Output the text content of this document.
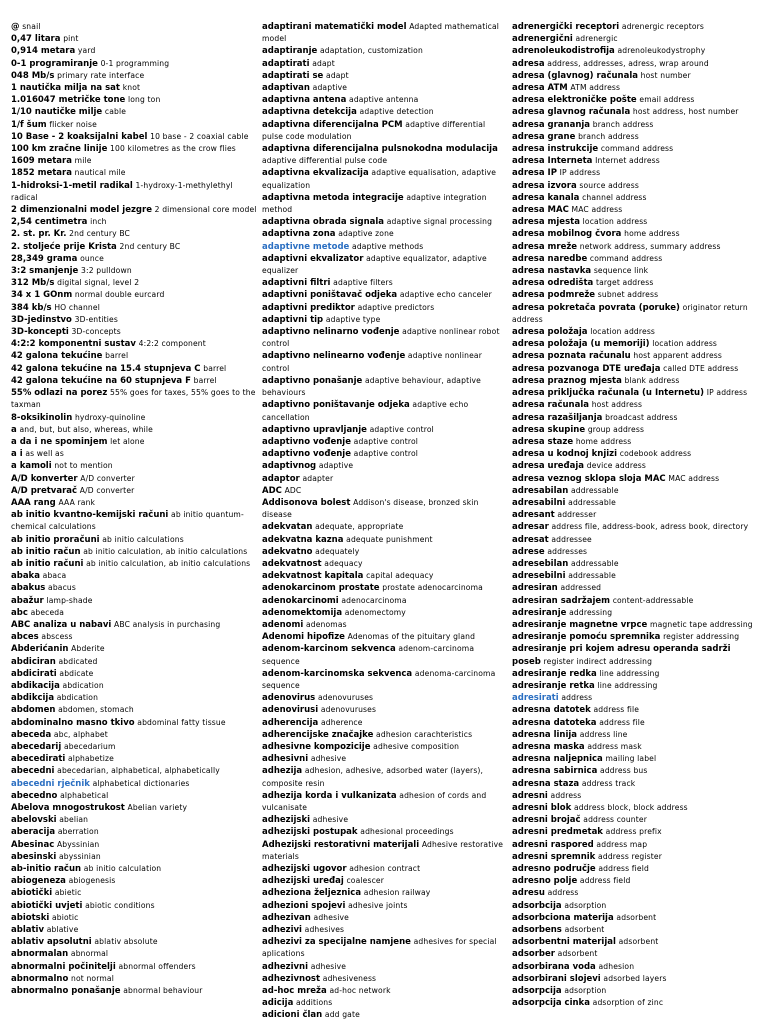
@ snail
0,47 litara pint
0,914 metara yard
0-1 programiranje 0-1 programming
048 Mb/s primary rate interface
1 nautička milja na sat knot
1.016047 metričke tone long ton
1/10 nautičke milje cable
1/f šum flicker noise
10 Base - 2 koaksijalni kabel 10 base - 2 coaxial cable
100 km zračne linije 100 kilometres as the crow flies
1609 metara mile
1852 metara nautical mile
1-hidroksi-1-metil radikal 1-hydroxy-1-methylethyl radical
2 dimenzionalni model jezgre 2 dimensional core model
2,54 centimetra inch
2. st. pr. Kr. 2nd century BC
2. stoljeće prije Krista 2nd century BC
28,349 grama ounce
3:2 smanjenje 3:2 pulldown
312 Mb/s digital signal, level 2
34 x 1 GOnm normal double eurcard
384 kb/s HO channel
3D-jedinstvo 3D-entities
3D-koncepti 3D-concepts
4:2:2 komponentni sustav 4:2:2 component
42 galona tekućine barrel
42 galona tekućine na 15.4 stupnjeva C barrel
42 galona tekućine na 60 stupnjeva F barrel
55% odlazi na porez 55% goes for taxes, 55% goes to the taxman
8-oksikinolin hydroxy-quinoline
a and, but, but also, whereas, while
a da i ne spominjem let alone
a i as well as
a kamoli not to mention
A/D konverter A/D converter
A/D pretvarač A/D converter
AAA rang AAA rank
ab initio kvantno-kemijski računi ab initio quantum-chemical calculations
ab initio proračuni ab initio calculations
ab initio račun ab initio calculation, ab initio calculations
ab initio računi ab initio calculation, ab initio calculations
abaka abaca
abakus abacus
abažur lamp-shade
abc abeceda
ABC analiza u nabavi ABC analysis in purchasing
abces abscess
Abderićanin Abderite
abdiciran abdicated
abdicirati abdicate
abdikacija abdication
abdikcija abdication
abdomen abdomen, stomach
abdominalno masno tkivo abdominal fatty tissue
abeceda abc, alphabet
abecedarij abecedarium
abecedirati alphabetize
abecedni abecedarian, alphabetical, alphabetically
abecedni rječnik alphabetical dictionaries
abecedno alphabetical
Abelova mnogostrukost Abelian variety
abelovski abelian
aberacija aberration
Abesinac Abyssinian
abesinski abyssinian
ab-initio račun ab initio calculation
abiogeneza abiogenesis
abiotički abietic
abiotički uvjeti abiotic conditions
abiotski abiotic
ablativ ablative
ablativ apsolutni ablativ absolute
abnormalan abnormal
abnormalni počinitelji abnormal offenders
abnormalno not normal
abnormalno ponašanje abnormal behaviour
adaptirani matematički model Adapted mathematical model
adaptiranje adaptation, customization
adaptirati adapt
adaptirati se adapt
adaptivan adaptive
adaptivna antena adaptive antenna
adaptivna detekcija adaptive detection
adaptivna diferencijalna PCM adaptive differential pulse code modulation
adaptivna diferencijalna pulsnokodna modulacija adaptive differential pulse code
adaptivna ekvalizacija adaptive equalisation, adaptive equalization
adaptivna metoda integracije adaptive integration method
adaptivna obrada signala adaptive signal processing
adaptivna zona adaptive zone
adaptivne metode adaptive methods
adaptivni ekvalizator adaptive equalizator, adaptive equalizer
adaptivni filtri adaptive filters
adaptivni poništavač odjeka adaptive echo canceler
adaptivni prediktor adaptive predictors
adaptivni tip adaptive type
adaptivno nelinarno vođenje adaptive nonlinear robot control
adaptivno nelinearno vođenje adaptive nonlinear control
adaptivno ponašanje adaptive behaviour, adaptive behaviours
adaptivno poništavanje odjeka adaptive echo cancellation
adaptivno upravljanje adaptive control
adaptivno vođenje adaptive control
adaptivno vođenje adaptive control
adaptivnog adaptive
adaptor adapter
ADC ADC
Addisonova bolest Addison's disease, bronzed skin disease
adekvatan adequate, appropriate
adekvatna kazna adequate punishment
adekvatno adequately
adekvatnost adequacy
adekvatnost kapitala capital adequacy
adenokarcinom prostate prostate adenocarcinoma
adenokarcinomi adenocarcinoma
adenomektomija adenomectomy
adenomi adenomas
Adenomi hipofize Adenomas of the pituitary gland
adenom-karcinom sekvenca adenom-carcinoma sequence
adenom-karcinomska sekvenca adenoma-carcinoma sequence
adenovirus adenovuruses
adenovirusi adenovuruses
adherencija adherence
adherencijske značajke adhesion carachteristics
adhesivne kompozicije adhesive composition
adhesivni adhesive
adhezija adhesion, adhesive, adsorbed water (layers), composite resin
adhezija korda i vulkanizata adhesion of cords and vulcanisate
adhezijski adhesive
adhezijski postupak adhesional proceedings
Adhezijski restorativni materijali Adhesive restorative materials
adhezijski ugovor adhesion contract
adhezijski uređaj coalescer
adheziona željeznica adhesion railway
adhezioni spojevi adhesive joints
adhezivan adhesive
adhezivi adhesives
adhezivi za specijalne namjene adhesives for special aplications
adhezivni adhesive
adhezivnost adhesiveness
ad-hoc mreža ad-hoc network
adicija additions
adicioni član add gate
adrenergički receptori adrenergic receptors
adrenergični adrenergic
adrenoleukodistrofija adrenoleukodystrophy
adresa address, addresses, adress, wrap around
adresa (glavnog) računala host number
adresa ATM ATM address
adresa elektroničke pošte email address
adresa glavnog računala host address, host number
adresa grananja branch address
adresa grane branch address
adresa instrukcije command address
adresa Interneta Internet address
adresa IP IP address
adresa izvora source address
adresa kanala channel address
adresa MAC MAC address
adresa mjesta location address
adresa mobilnog čvora home address
adresa mreže network address, summary address
adresa naredbe command address
adresa nastavka sequence link
adresa odredišta target address
adresa podmreže subnet address
adresa pokretača povrata (poruke) originator return address
adresa položaja location address
adresa položaja (u memoriji) location address
adresa poznata računalu host apparent address
adresa pozvanoga DTE uređaja called DTE address
adresa praznog mjesta blank address
adresa priključka računala (u Internetu) IP address
adresa računala host address
adresa razašiljanja broadcast address
adresa skupine group address
adresa staze home address
adresa u kodnoj knjizi codebook address
adresa uređaja device address
adresa veznog sklopa sloja MAC MAC address
adresabilan addressable
adresabilni addressable
adresant addresser
adresar address file, address-book, adress book, directory
adresat addressee
adrese addresses
adresebilan addressable
adresebilni addressable
adresiran addressed
adresiran sadržajem content-addressable
adresiranje addressing
adresiranje magnetne vrpce magnetic tape addressing
adresiranje pomoću spremnika register addressing
adresiranje pri kojem adresu operanda sadrži poseb register indirect addressing
adresiranje redka line addressing
adresiranje retka line addressing
adresirati address
adresna datotek address file
adresna datoteka address file
adresna linija address line
adresna maska address mask
adresna naljepnica mailing label
adresna sabirnica address bus
adresna staza address track
adresni address
adresni blok address block, block address
adresni brojač address counter
adresni predmetak address prefix
adresni raspored address map
adresni spremnik address register
adresno područje address field
adresno polje address field
adresu address
adsorbcija adsorption
adsorbciona materija adsorbent
adsorbens adsorbent
adsorbentni materijal adsorbent
adsorber adsorbent
adsorbirana voda adhesion
adsorbirani slojevi adsorbed layers
adsorpcija adsorption
adsorpcija cinka adsorption of zinc
